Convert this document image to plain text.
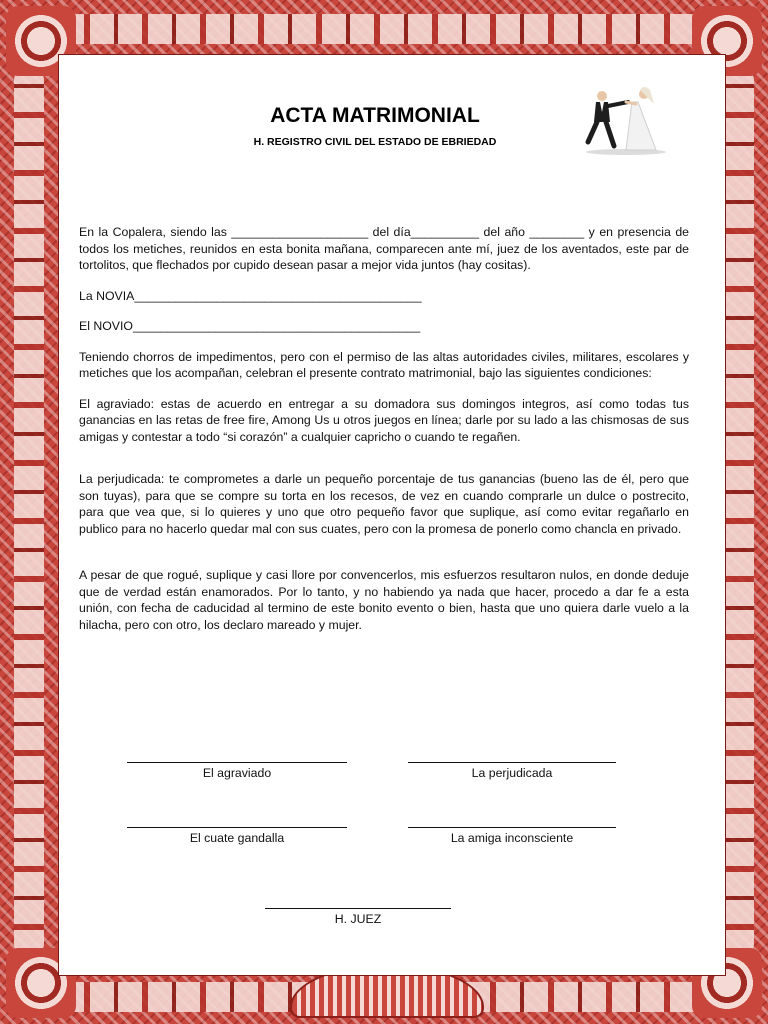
ACTA MATRIMONIAL
H. REGISTRO CIVIL DEL ESTADO DE EBRIEDAD

En la Copalera, siendo las ____________________ del día__________ del año ________ y en presencia de todos los metiches, reunidos en esta bonita mañana, comparecen ante mí, juez de los aventados, este par de tortolitos, que flechados por cupido desean pasar a mejor vida juntos (hay cositas).

La NOVIA__________________________________________

El NOVIO__________________________________________

Teniendo chorros de impedimentos, pero con el permiso de las altas autoridades civiles, militares, escolares y metiches que los acompañan, celebran el presente contrato matrimonial, bajo las siguientes condiciones:

El agraviado: estas de acuerdo en entregar a su domadora sus domingos integros, así como todas tus ganancias en las retas de free fire, Among Us u otros juegos en línea; darle por su lado a las chismosas de sus amigas y contestar a todo “si corazón” a cualquier capricho o cuando te regañen.

La perjudicada: te comprometes a darle un pequeño porcentaje de tus ganancias (bueno las de él, pero que son tuyas), para que se compre su torta en los recesos, de vez en cuando comprarle un dulce o postrecito, para que vea que, si lo quieres y uno que otro pequeño favor que suplique, así como evitar regañarlo en publico para no hacerlo quedar mal con sus cuates, pero con la promesa de ponerlo como chancla en privado.

A pesar de que rogué, suplique y casi llore por convencerlos, mis esfuerzos resultaron nulos, en donde deduje que de verdad están enamorados. Por lo tanto, y no habiendo ya nada que hacer, procedo a dar fe a esta unión, con fecha de caducidad al termino de este bonito evento o bien, hasta que uno quiera darle vuelo a la hilacha, pero con otro, los declaro mareado y mujer.

El agraviado	La perjudicada
El cuate gandalla	La amiga inconsciente
H. JUEZ
